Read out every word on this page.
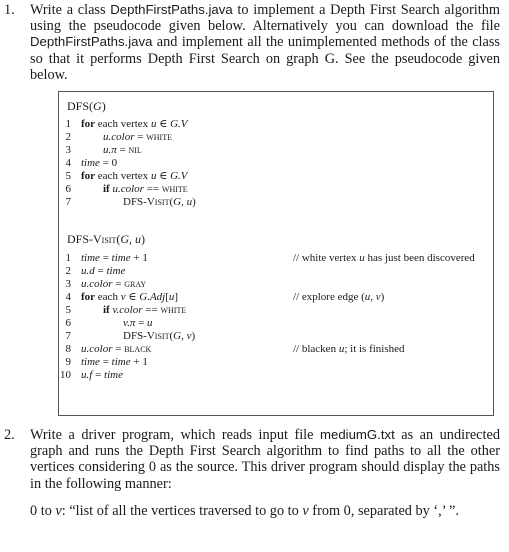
1. Write a class DepthFirstPaths.java to implement a Depth First Search algorithm using the pseudocode given below. Alternatively you can download the file DepthFirstPaths.java and implement all the unimplemented methods of the class so that it performs Depth First Search on graph G. See the pseudocode given below.
DFS(G)
1 for each vertex u ∈ G.V
2	u.color = white
3	u.π = nil
4 time = 0
5 for each vertex u ∈ G.V
6	if u.color == white
7	DFS-Visit(G, u)
DFS-Visit(G, u)
1 time = time + 1	// white vertex u has just been discovered
2 u.d = time
3 u.color = gray
4 for each v ∈ G.Adj[u]	// explore edge (u, v)
5	if v.color == white
6	v.π = u
7	DFS-Visit(G, v)
8 u.color = black	// blacken u; it is finished
9 time = time + 1
10 u.f = time
2. Write a driver program, which reads input file mediumG.txt as an undirected graph and runs the Depth First Search algorithm to find paths to all the other vertices considering 0 as the source. This driver program should display the paths in the following manner:
0 to v: “list of all the vertices traversed to go to v from 0, separated by ‘,’ ”.
